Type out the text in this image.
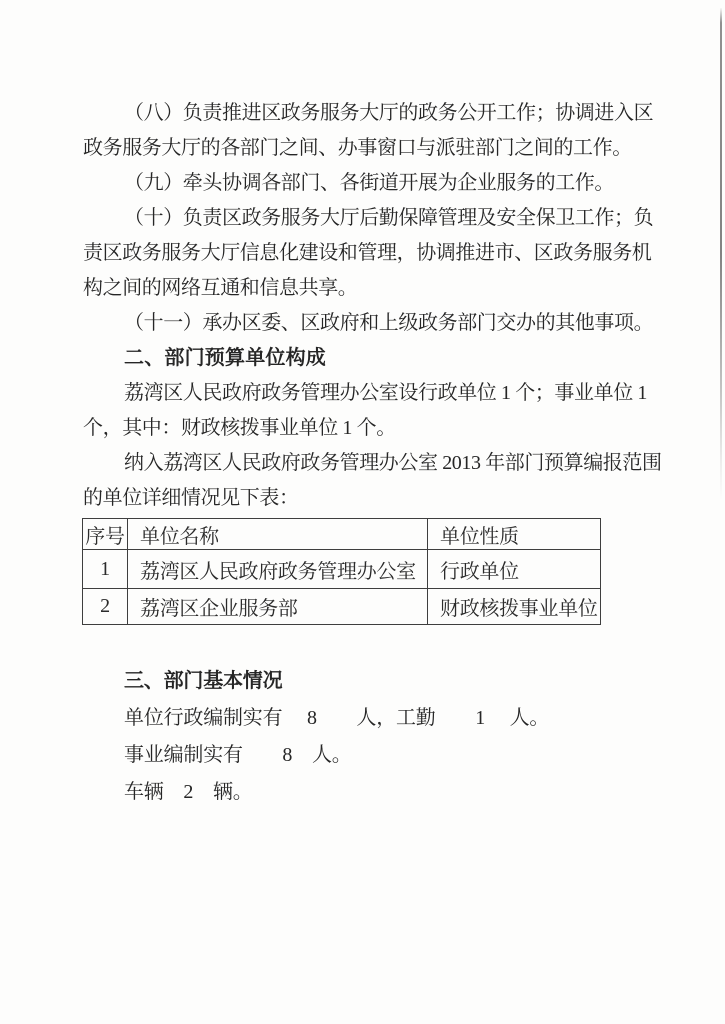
（八）负责推进区政务服务大厅的政务公开工作；协调进入区
政务服务大厅的各部门之间、办事窗口与派驻部门之间的工作。
（九）牵头协调各部门、各街道开展为企业服务的工作。
（十）负责区政务服务大厅后勤保障管理及安全保卫工作；负
责区政务服务大厅信息化建设和管理，协调推进市、区政务服务机
构之间的网络互通和信息共享。
（十一）承办区委、区政府和上级政务部门交办的其他事项。
二、部门预算单位构成
荔湾区人民政府政务管理办公室设行政单位 1 个；事业单位 1
个，其中：财政核拨事业单位 1 个。
纳入荔湾区人民政府政务管理办公室 2013 年部门预算编报范围
的单位详细情况见下表：
序号	单位名称	单位性质
1	荔湾区人民政府政务管理办公室	行政单位
2	荔湾区企业服务部	财政核拨事业单位
三、部门基本情况
单位行政编制实有　 8　　人，工勤　　1　 人。
事业编制实有　　8　人。
车辆　2　辆。
